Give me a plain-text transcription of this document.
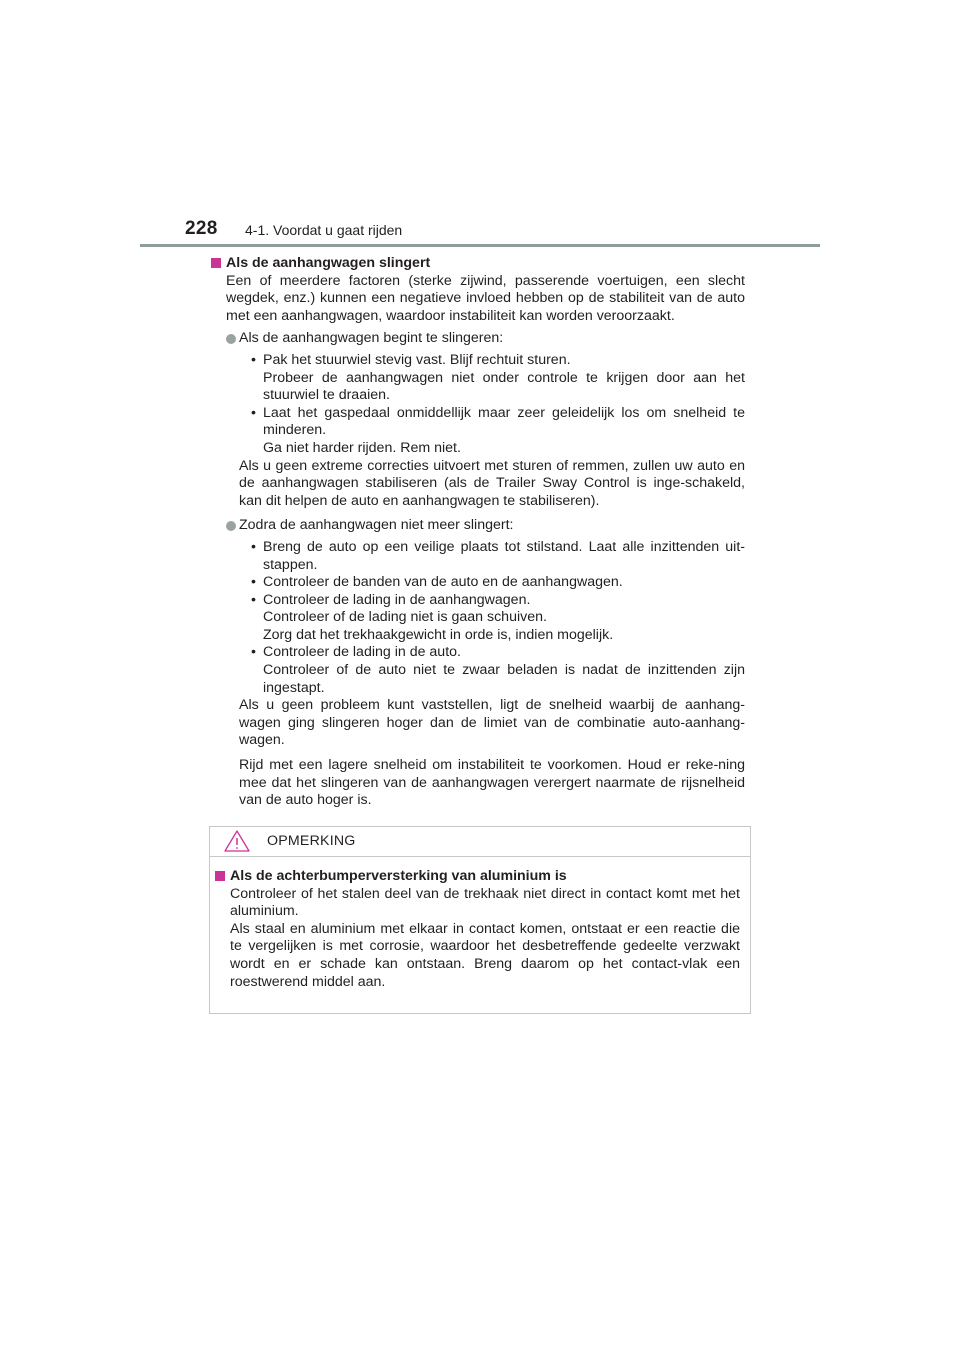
228 4-1. Voordat u gaat rijden
Als de aanhangwagen slingert
Een of meerdere factoren (sterke zijwind, passerende voertuigen, een slecht wegdek, enz.) kunnen een negatieve invloed hebben op de stabiliteit van de auto met een aanhangwagen, waardoor instabiliteit kan worden veroorzaakt.
Als de aanhangwagen begint te slingeren:
• Pak het stuurwiel stevig vast. Blijf rechtuit sturen.
Probeer de aanhangwagen niet onder controle te krijgen door aan het stuurwiel te draaien.
• Laat het gaspedaal onmiddellijk maar zeer geleidelijk los om snelheid te minderen.
Ga niet harder rijden. Rem niet.
Als u geen extreme correcties uitvoert met sturen of remmen, zullen uw auto en de aanhangwagen stabiliseren (als de Trailer Sway Control is inge-schakeld, kan dit helpen de auto en aanhangwagen te stabiliseren).
Zodra de aanhangwagen niet meer slingert:
• Breng de auto op een veilige plaats tot stilstand. Laat alle inzittenden uit-stappen.
• Controleer de banden van de auto en de aanhangwagen.
• Controleer de lading in de aanhangwagen.
Controleer of de lading niet is gaan schuiven.
Zorg dat het trekhaakgewicht in orde is, indien mogelijk.
• Controleer de lading in de auto.
Controleer of de auto niet te zwaar beladen is nadat de inzittenden zijn ingestapt.
Als u geen probleem kunt vaststellen, ligt de snelheid waarbij de aanhang-wagen ging slingeren hoger dan de limiet van de combinatie auto-aanhang-wagen.
Rijd met een lagere snelheid om instabiliteit te voorkomen. Houd er reke-ning mee dat het slingeren van de aanhangwagen verergert naarmate de rijsnelheid van de auto hoger is.
OPMERKING
Als de achterbumperversterking van aluminium is
Controleer of het stalen deel van de trekhaak niet direct in contact komt met het aluminium.
Als staal en aluminium met elkaar in contact komen, ontstaat er een reactie die te vergelijken is met corrosie, waardoor het desbetreffende gedeelte verzwakt wordt en er schade kan ontstaan. Breng daarom op het contact-vlak een roestwerend middel aan.
